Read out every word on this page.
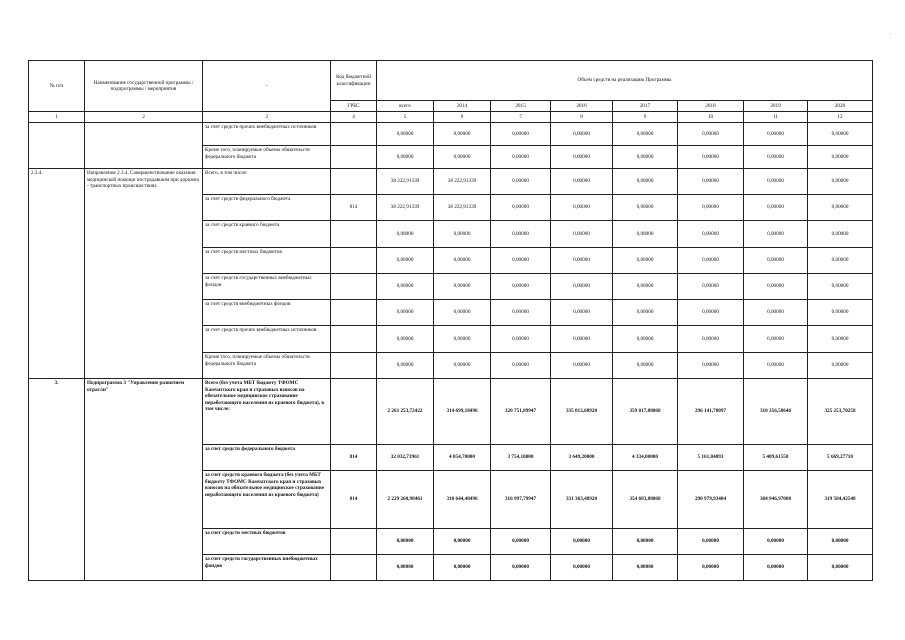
.
№ п/п	Наименование государственной программы / подпрограммы / мероприятия	-	Код бюджетной классификации	Объем средств на реализацию Программы							
			ГРБС	всего	2014	2015	2016	2017	2018	2019	2020
1	2	3	4	5	6	7	8	9	10	11	12
		за счет средств прочих внебюджетных источников		0,00000	0,00000	0,00000	0,00000	0,00000	0,00000	0,00000	0,00000
		Кроме того, планируемые объемы обязательств федерального бюджета		0,00000	0,00000	0,00000	0,00000	0,00000	0,00000	0,00000	0,00000
2.3.4.	Направление 2.3.4. Совершенствование оказания медицинской помощи пострадавшим при дорожно - транспортных происшествиях	Всего, в том числе:		38 222,91339	38 222,91339	0,00000	0,00000	0,00000	0,00000	0,00000	0,00000
		за счет средств федерального бюджета	814	38 222,91339	38 222,91339	0,00000	0,00000	0,00000	0,00000	0,00000	0,00000
		за счет средств краевого бюджета		0,00000	0,00000	0,00000	0,00000	0,00000	0,00000	0,00000	0,00000
		за счет средств местных бюджетов		0,00000	0,00000	0,00000	0,00000	0,00000	0,00000	0,00000	0,00000
		за счет средств государственных внебюджетных фондов		0,00000	0,00000	0,00000	0,00000	0,00000	0,00000	0,00000	0,00000
		за счет средств внебюджетных фондов		0,00000	0,00000	0,00000	0,00000	0,00000	0,00000	0,00000	0,00000
		за счет средств прочих внебюджетных источников		0,00000	0,00000	0,00000	0,00000	0,00000	0,00000	0,00000	0,00000
		Кроме того, планируемые объемы обязательств федерального бюджета		0,00000	0,00000	0,00000	0,00000	0,00000	0,00000	0,00000	0,00000
3.	Подпрограмма 3 "Управление развитием отрасли"	Всего (без учета МБТ бюджету ТФОМС Камчатского края и страховых взносов на обязательное медицинское страхование неработающего населения из краевого бюджета), в том числе:		2 261 253,72422	314 699,18496	320 751,89947	335 012,68920	359 017,88068	296 141,78097	310 356,58646	325 253,70258
		за счет средств федерального бюджета	814	32 032,73961	4 054,70000	3 754,10000	3 649,20000	4 334,00000	5 161,84093	5 409,61558	5 669,27710
		за счет средств краевого бюджета (без учета МБТ бюджету ТФОМС Камчатского края и страховых взносов на обязательное медицинское страхование неработающего населения из краевого бюджета)	814	2 229 260,98461	310 644,48496	316 997,79947	331 363,48920	354 683,88068	290 979,93404	304 946,97088	319 584,42548
		за счет средств местных бюджетов		0,00000	0,00000	0,00000	0,00000	0,00000	0,00000	0,00000	0,00000
		за счет средств государственных внебюджетных фондов		0,00000	0,00000	0,00000	0,00000	0,00000	0,00000	0,00000	0,00000
